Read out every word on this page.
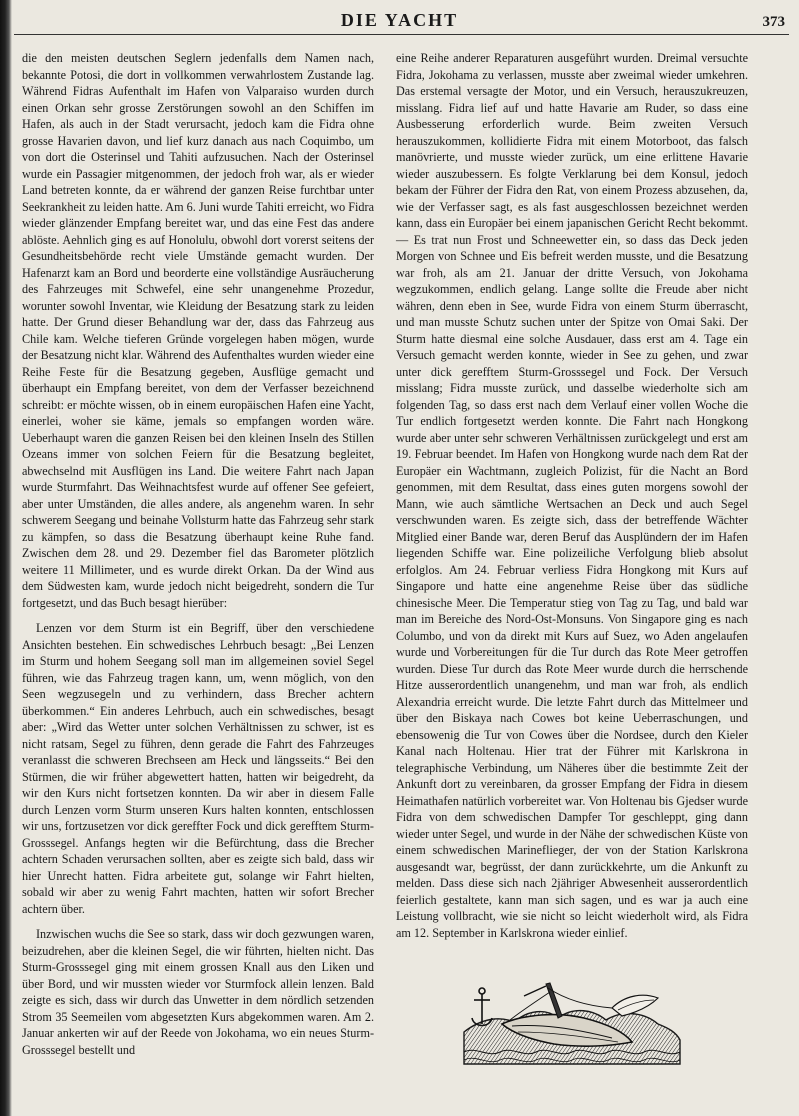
DIE YACHT	373

die den meisten deutschen Seglern jedenfalls dem Namen nach, bekannte Potosi, die dort in vollkommen verwahrlostem Zustande lag. Während Fidras Aufenthalt im Hafen von Valparaiso wurden durch einen Orkan sehr grosse Zerstörungen sowohl an den Schiffen im Hafen, als auch in der Stadt verursacht, jedoch kam die Fidra ohne grosse Havarien davon, und lief kurz danach aus nach Coquimbo, um von dort die Osterinsel und Tahiti aufzusuchen. Nach der Osterinsel wurde ein Passagier mitgenommen, der jedoch froh war, als er wieder Land betreten konnte, da er während der ganzen Reise furchtbar unter Seekrankheit zu leiden hatte. Am 6. Juni wurde Tahiti erreicht, wo Fidra wieder glänzender Empfang bereitet war, und das eine Fest das andere ablöste. Aehnlich ging es auf Honolulu, obwohl dort vorerst seitens der Gesundheitsbehörde recht viele Umstände gemacht wurden. Der Hafenarzt kam an Bord und beorderte eine vollständige Ausräucherung des Fahrzeuges mit Schwefel, eine sehr unangenehme Prozedur, worunter sowohl Inventar, wie Kleidung der Besatzung stark zu leiden hatte. Der Grund dieser Behandlung war der, dass das Fahrzeug aus Chile kam. Welche tieferen Gründe vorgelegen haben mögen, wurde der Besatzung nicht klar. Während des Aufenthaltes wurden wieder eine Reihe Feste für die Besatzung gegeben, Ausflüge gemacht und überhaupt ein Empfang bereitet, von dem der Verfasser bezeichnend schreibt: er möchte wissen, ob in einem europäischen Hafen eine Yacht, einerlei, woher sie käme, jemals so empfangen worden wäre. Ueberhaupt waren die ganzen Reisen bei den kleinen Inseln des Stillen Ozeans immer von solchen Feiern für die Besatzung begleitet, abwechselnd mit Ausflügen ins Land. Die weitere Fahrt nach Japan wurde Sturmfahrt. Das Weihnachtsfest wurde auf offener See gefeiert, aber unter Umständen, die alles andere, als angenehm waren. In sehr schwerem Seegang und beinahe Vollsturm hatte das Fahrzeug sehr stark zu kämpfen, so dass die Besatzung überhaupt keine Ruhe fand. Zwischen dem 28. und 29. Dezember fiel das Barometer plötzlich weitere 11 Millimeter, und es wurde direkt Orkan. Da der Wind aus dem Südwesten kam, wurde jedoch nicht beigedreht, sondern die Tur fortgesetzt, und das Buch besagt hierüber:

Lenzen vor dem Sturm ist ein Begriff, über den verschiedene Ansichten bestehen. Ein schwedisches Lehrbuch besagt: „Bei Lenzen im Sturm und hohem Seegang soll man im allgemeinen soviel Segel führen, wie das Fahrzeug tragen kann, um, wenn möglich, von den Seen wegzusegeln und zu verhindern, dass Brecher achtern überkommen.“ Ein anderes Lehrbuch, auch ein schwedisches, besagt aber: „Wird das Wetter unter solchen Verhältnissen zu schwer, ist es nicht ratsam, Segel zu führen, denn gerade die Fahrt des Fahrzeuges veranlasst die schweren Brechseen am Heck und längsseits.“ Bei den Stürmen, die wir früher abgewettert hatten, hatten wir beigedreht, da wir den Kurs nicht fortsetzen konnten. Da wir aber in diesem Falle durch Lenzen vorm Sturm unseren Kurs halten konnten, entschlossen wir uns, fortzusetzen vor dick gereffter Fock und dick gerefftem Sturm-Grosssegel. Anfangs hegten wir die Befürchtung, dass die Brecher achtern Schaden verursachen sollten, aber es zeigte sich bald, dass wir hier Unrecht hatten. Fidra arbeitete gut, solange wir Fahrt hielten, sobald wir aber zu wenig Fahrt machten, hatten wir sofort Brecher achtern über.

Inzwischen wuchs die See so stark, dass wir doch gezwungen waren, beizudrehen, aber die kleinen Segel, die wir führten, hielten nicht. Das Sturm-Grosssegel ging mit einem grossen Knall aus den Liken und über Bord, und wir mussten wieder vor Sturmfock allein lenzen. Bald zeigte es sich, dass wir durch das Unwetter in dem nördlich setzenden Strom 35 Seemeilen vom abgesetzten Kurs abgekommen waren. Am 2. Januar ankerten wir auf der Reede von Jokohama, wo ein neues Sturm-Grosssegel bestellt und

eine Reihe anderer Reparaturen ausgeführt wurden. Dreimal versuchte Fidra, Jokohama zu verlassen, musste aber zweimal wieder umkehren. Das erstemal versagte der Motor, und ein Versuch, herauszukreuzen, misslang. Fidra lief auf und hatte Havarie am Ruder, so dass eine Ausbesserung erforderlich wurde. Beim zweiten Versuch herauszukommen, kollidierte Fidra mit einem Motorboot, das falsch manövrierte, und musste wieder zurück, um eine erlittene Havarie wieder auszubessern. Es folgte Verklarung bei dem Konsul, jedoch bekam der Führer der Fidra den Rat, von einem Prozess abzusehen, da, wie der Verfasser sagt, es als fast ausgeschlossen bezeichnet werden kann, dass ein Europäer bei einem japanischen Gericht Recht bekommt. — Es trat nun Frost und Schneewetter ein, so dass das Deck jeden Morgen von Schnee und Eis befreit werden musste, und die Besatzung war froh, als am 21. Januar der dritte Versuch, von Jokohama wegzukommen, endlich gelang. Lange sollte die Freude aber nicht währen, denn eben in See, wurde Fidra von einem Sturm überrascht, und man musste Schutz suchen unter der Spitze von Omai Saki. Der Sturm hatte diesmal eine solche Ausdauer, dass erst am 4. Tage ein Versuch gemacht werden konnte, wieder in See zu gehen, und zwar unter dick gerefftem Sturm-Grosssegel und Fock. Der Versuch misslang; Fidra musste zurück, und dasselbe wiederholte sich am folgenden Tag, so dass erst nach dem Verlauf einer vollen Woche die Tur endlich fortgesetzt werden konnte. Die Fahrt nach Hongkong wurde aber unter sehr schweren Verhältnissen zurückgelegt und erst am 19. Februar beendet. Im Hafen von Hongkong wurde nach dem Rat der Europäer ein Wachtmann, zugleich Polizist, für die Nacht an Bord genommen, mit dem Resultat, dass eines guten morgens sowohl der Mann, wie auch sämtliche Wertsachen an Deck und auch Segel verschwunden waren. Es zeigte sich, dass der betreffende Wächter Mitglied einer Bande war, deren Beruf das Ausplündern der im Hafen liegenden Schiffe war. Eine polizeiliche Verfolgung blieb absolut erfolglos. Am 24. Februar verliess Fidra Hongkong mit Kurs auf Singapore und hatte eine angenehme Reise über das südliche chinesische Meer. Die Temperatur stieg von Tag zu Tag, und bald war man im Bereiche des Nord-Ost-Monsuns. Von Singapore ging es nach Columbo, und von da direkt mit Kurs auf Suez, wo Aden angelaufen wurde und Vorbereitungen für die Tur durch das Rote Meer getroffen wurden. Diese Tur durch das Rote Meer wurde durch die herrschende Hitze ausserordentlich unangenehm, und man war froh, als endlich Alexandria erreicht wurde. Die letzte Fahrt durch das Mittelmeer und über den Biskaya nach Cowes bot keine Ueberraschungen, und ebensowenig die Tur von Cowes über die Nordsee, durch den Kieler Kanal nach Holtenau. Hier trat der Führer mit Karlskrona in telegraphische Verbindung, um Näheres über die bestimmte Zeit der Ankunft dort zu vereinbaren, da grosser Empfang der Fidra in diesem Heimathafen natürlich vorbereitet war. Von Holtenau bis Gjedser wurde Fidra von dem schwedischen Dampfer Tor geschleppt, ging dann wieder unter Segel, und wurde in der Nähe der schwedischen Küste von einem schwedischen Marineflieger, der von der Station Karlskrona ausgesandt war, begrüsst, der dann zurückkehrte, um die Ankunft zu melden. Dass diese sich nach 2jähriger Abwesenheit ausserordentlich feierlich gestaltete, kann man sich sagen, und es war ja auch eine Leistung vollbracht, wie sie nicht so leicht wiederholt wird, als Fidra am 12. September in Karlskrona wieder einlief.
